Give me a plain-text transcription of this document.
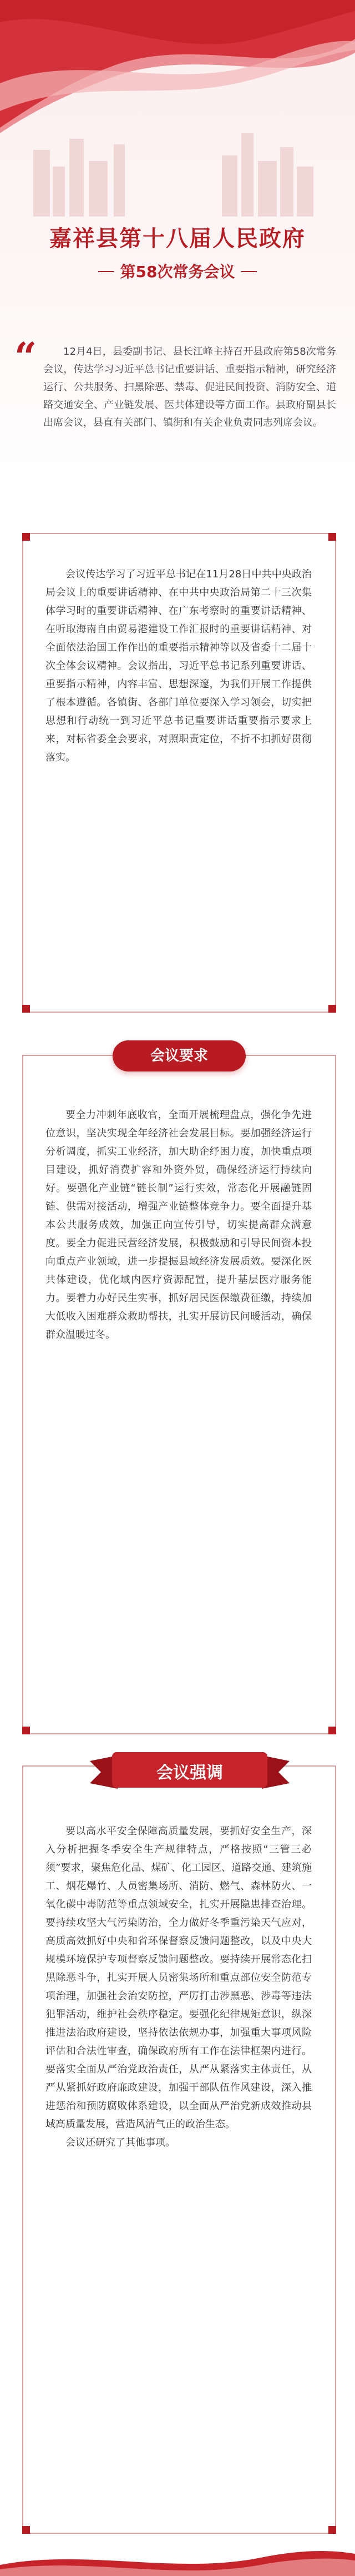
嘉祥县第十八届人民政府
第58次常务会议
“	12月4日，县委副书记、县长江峰主持召开县政府第58次常务会议，传达学习习近平总书记重要讲话、重要指示精神，研究经济运行、公共服务、扫黑除恶、禁毒、促进民间投资、消防安全、道路交通安全、产业链发展、医共体建设等方面工作。县政府副县长出席会议，县直有关部门、镇街和有关企业负责同志列席会议。

会议传达学习了习近平总书记在11月28日中共中央政治局会议上的重要讲话精神、在中共中央政治局第二十三次集体学习时的重要讲话精神、在广东考察时的重要讲话精神、在听取海南自由贸易港建设工作汇报时的重要讲话精神、对全面依法治国工作作出的重要指示精神等以及省委十二届十次全体会议精神。会议指出，习近平总书记系列重要讲话、重要指示精神，内容丰富、思想深邃，为我们开展工作提供了根本遵循。各镇街、各部门单位要深入学习领会，切实把思想和行动统一到习近平总书记重要讲话重要指示要求上来，对标省委全会要求，对照职责定位，不折不扣抓好贯彻落实。

会议要求

要全力冲刺年底收官，全面开展梳理盘点，强化争先进位意识，坚决实现全年经济社会发展目标。要加强经济运行分析调度，抓实工业经济，加大助企纾困力度，加快重点项目建设，抓好消费扩容和外资外贸，确保经济运行持续向好。要强化产业链“链长制”运行实效，常态化开展融链固链、供需对接活动，增强产业链整体竞争力。要全面提升基本公共服务成效，加强正向宣传引导，切实提高群众满意度。要全力促进民营经济发展，积极鼓励和引导民间资本投向重点产业领域，进一步提振县域经济发展质效。要深化医共体建设，优化域内医疗资源配置，提升基层医疗服务能力。要着力办好民生实事，抓好居民医保缴费征缴，持续加大低收入困难群众救助帮扶，扎实开展访民问暖活动，确保群众温暖过冬。

会议强调

要以高水平安全保障高质量发展，要抓好安全生产，深入分析把握冬季安全生产规律特点，严格按照“三管三必须”要求，聚焦危化品、煤矿、化工园区、道路交通、建筑施工、烟花爆竹、人员密集场所、消防、燃气、森林防火、一氧化碳中毒防范等重点领域安全，扎实开展隐患排查治理。要持续攻坚大气污染防治，全力做好冬季重污染天气应对，高质高效抓好中央和省环保督察反馈问题整改，以及中央大规模环境保护专项督察反馈问题整改。要持续开展常态化扫黑除恶斗争，扎实开展人员密集场所和重点部位安全防范专项治理，加强社会治安防控，严厉打击涉黑恶、涉毒等违法犯罪活动，维护社会秩序稳定。要强化纪律规矩意识，纵深推进法治政府建设，坚持依法依规办事，加强重大事项风险评估和合法性审查，确保政府所有工作在法律框架内进行。要落实全面从严治党政治责任，从严从紧落实主体责任，从严从紧抓好政府廉政建设，加强干部队伍作风建设，深入推进惩治和预防腐败体系建设，以全面从严治党新成效推动县域高质量发展，营造风清气正的政治生态。

会议还研究了其他事项。
